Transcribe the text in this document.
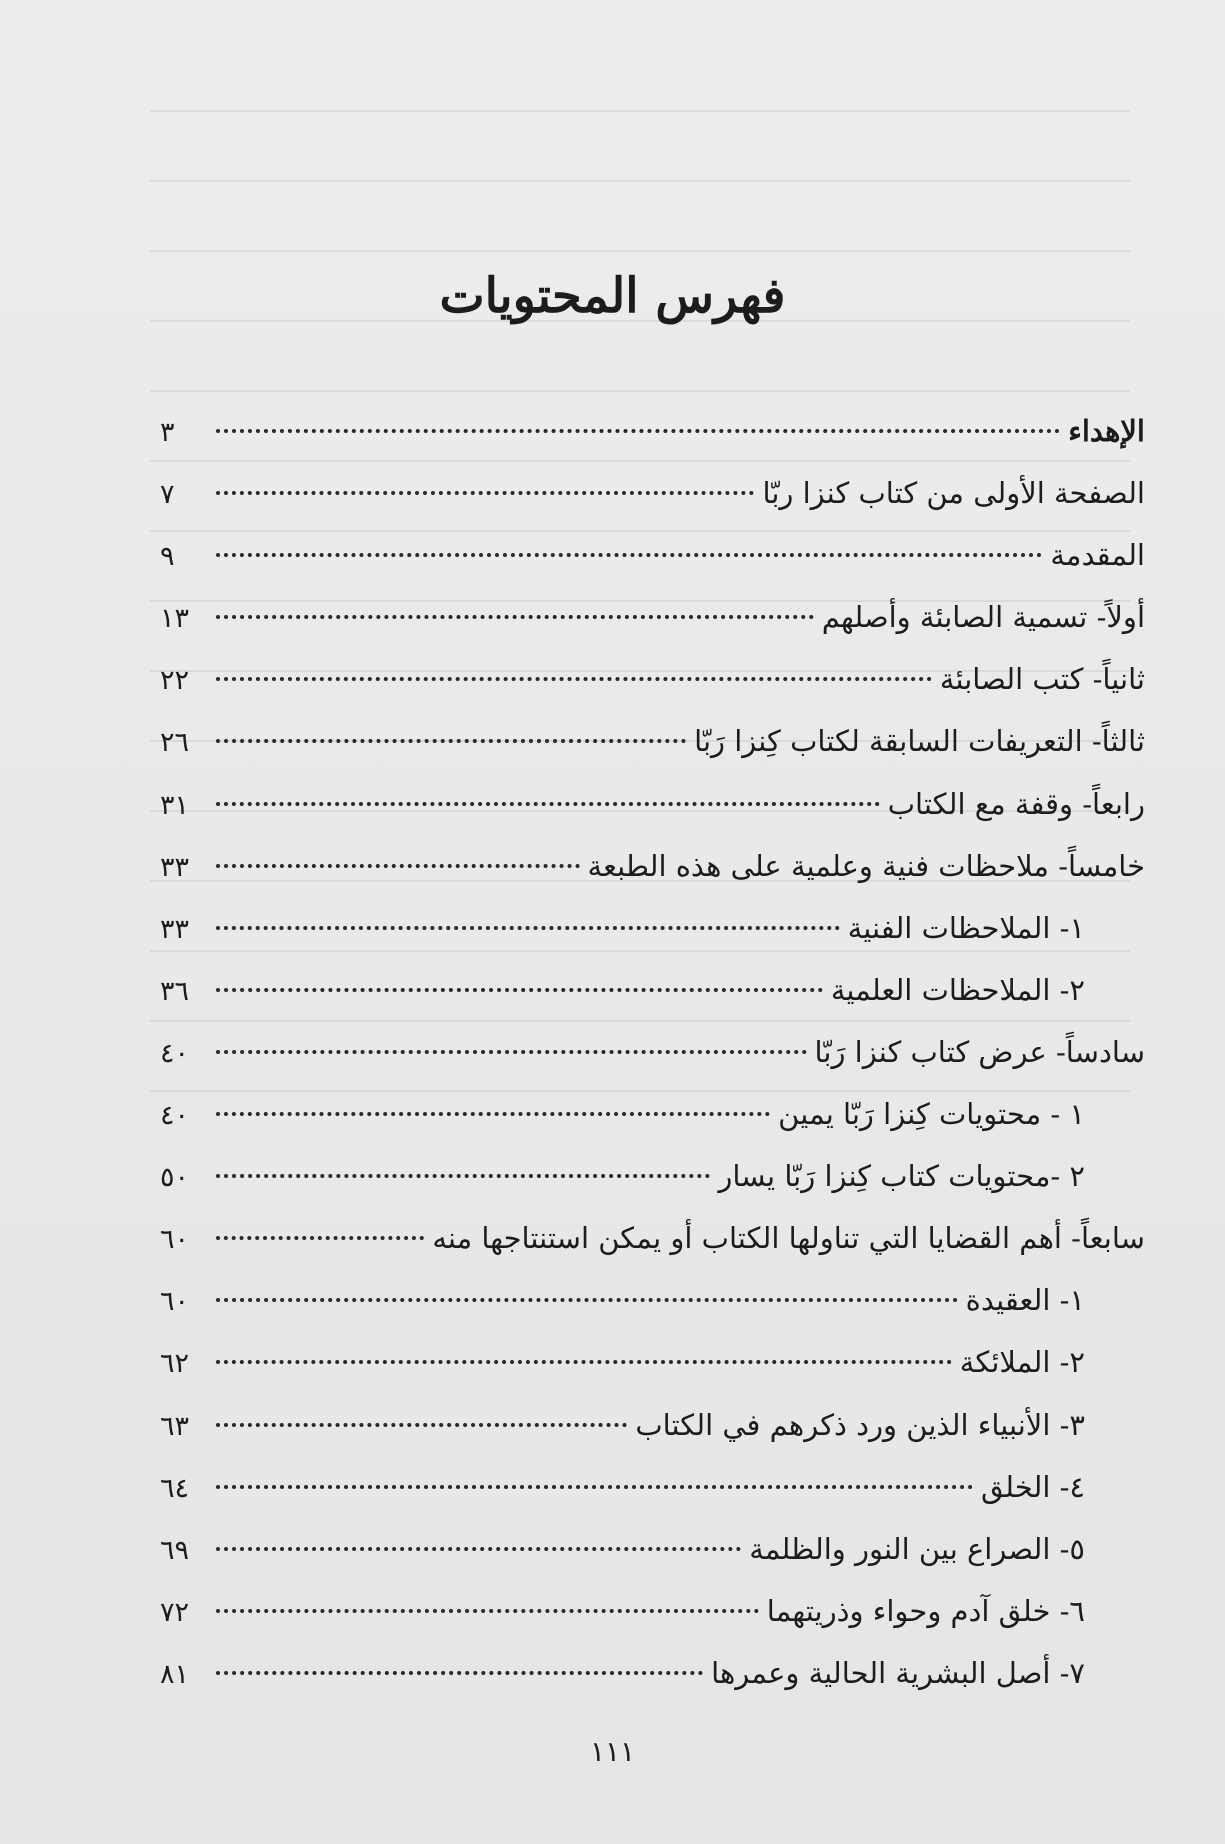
فهرس المحتويات
الإهداء
٣
الصفحة الأولى من كتاب كنزا ربّا
٧
المقدمة
٩
أولاً- تسمية الصابئة وأصلهم
١٣
ثانياً- كتب الصابئة
٢٢
ثالثاً- التعريفات السابقة لكتاب كِنزا رَبّا
٢٦
رابعاً- وقفة مع الكتاب
٣١
خامساً- ملاحظات فنية وعلمية على هذه الطبعة
٣٣
١- الملاحظات الفنية
٣٣
٢- الملاحظات العلمية
٣٦
سادساً- عرض كتاب كنزا رَبّا
٤٠
١ - محتويات كِنزا رَبّا يمين
٤٠
٢ -محتويات كتاب كِنزا رَبّا يسار
٥٠
سابعاً- أهم القضايا التي تناولها الكتاب أو يمكن استنتاجها منه
٦٠
١- العقيدة
٦٠
٢- الملائكة
٦٢
٣- الأنبياء الذين ورد ذكرهم في الكتاب
٦٣
٤- الخلق
٦٤
٥- الصراع بين النور والظلمة
٦٩
٦- خلق آدم وحواء وذريتهما
٧٢
٧- أصل البشرية الحالية وعمرها
٨١
١١١
